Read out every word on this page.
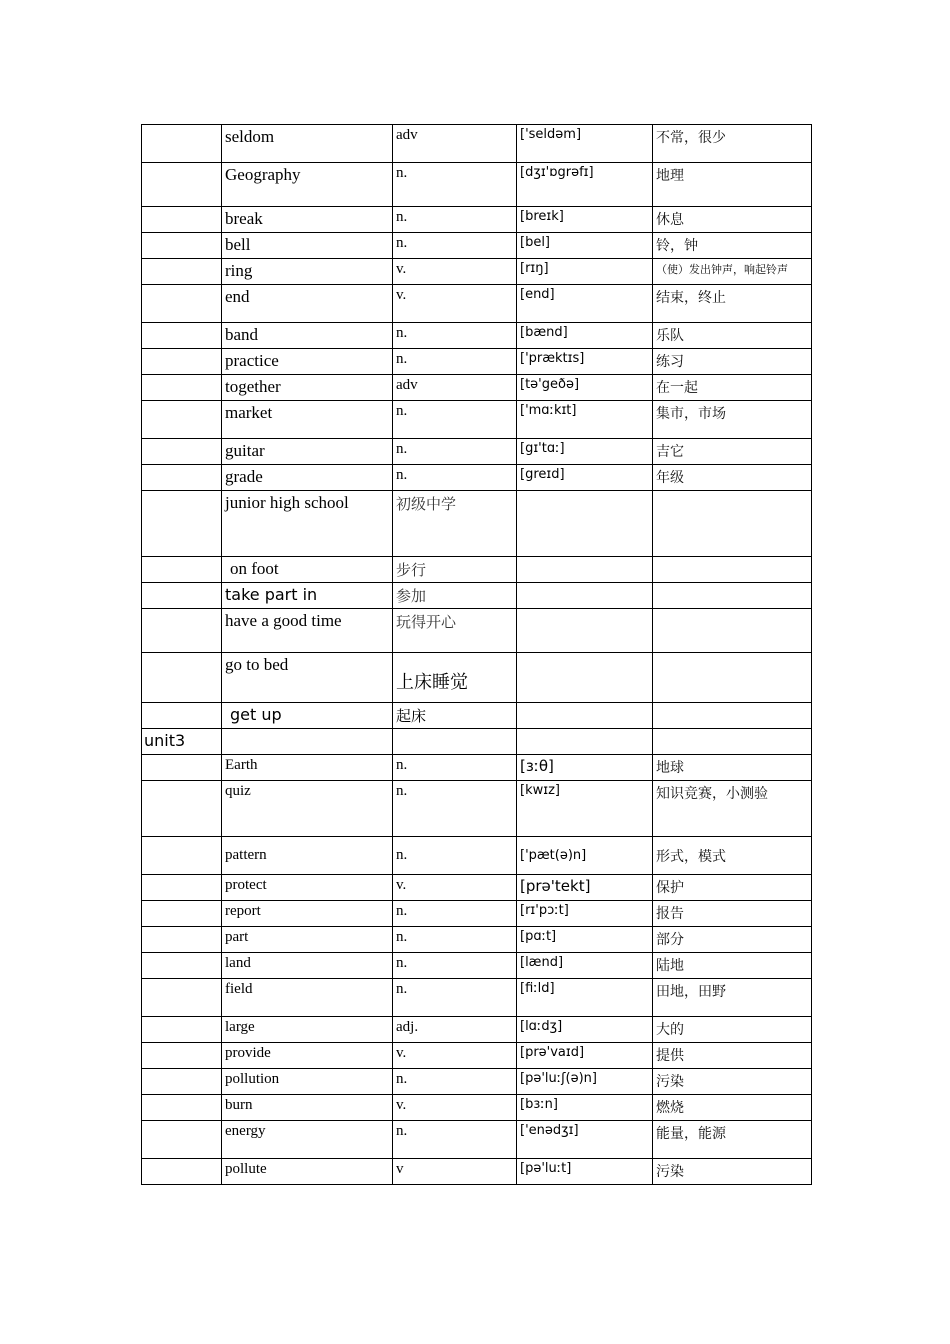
	seldom	adv	['seldəm]	不常，很少
	Geography	n.	[dʒɪ'ɒgrəfɪ]	地理
	break	n.	[breɪk]	休息
	bell	n.	[bel]	铃，钟
	ring	v.	[rɪŋ]	（使）发出钟声，响起铃声
	end	v.	[end]	结束，终止
	band	n.	[bænd]	乐队
	practice	n.	['præktɪs]	练习
	together	adv	[tə'geðə]	在一起
	market	n.	['mɑːkɪt]	集市，市场
	guitar	n.	[gɪ'tɑː]	吉它
	grade	n.	[greɪd]	年级
	junior high school	初级中学		
	on foot	步行		
	take part in	参加		
	have a good time	玩得开心		
	go to bed	上床睡觉		
	get up	起床		
unit3				
	Earth	n.	[ɜːθ]	地球
	quiz	n.	[kwɪz]	知识竞赛，小测验
	pattern	n.	['pæt(ə)n]	形式，模式
	protect	v.	[prə'tekt]	保护
	report	n.	[rɪ'pɔːt]	报告
	part	n.	[pɑːt]	部分
	land	n.	[lænd]	陆地
	field	n.	[fiːld]	田地，田野
	large	adj.	[lɑːdʒ]	大的
	provide	v.	[prə'vaɪd]	提供
	pollution	n.	[pə'luːʃ(ə)n]	污染
	burn	v.	[bɜːn]	燃烧
	energy	n.	['enədʒɪ]	能量，能源
	pollute	v	[pə'luːt]	污染
